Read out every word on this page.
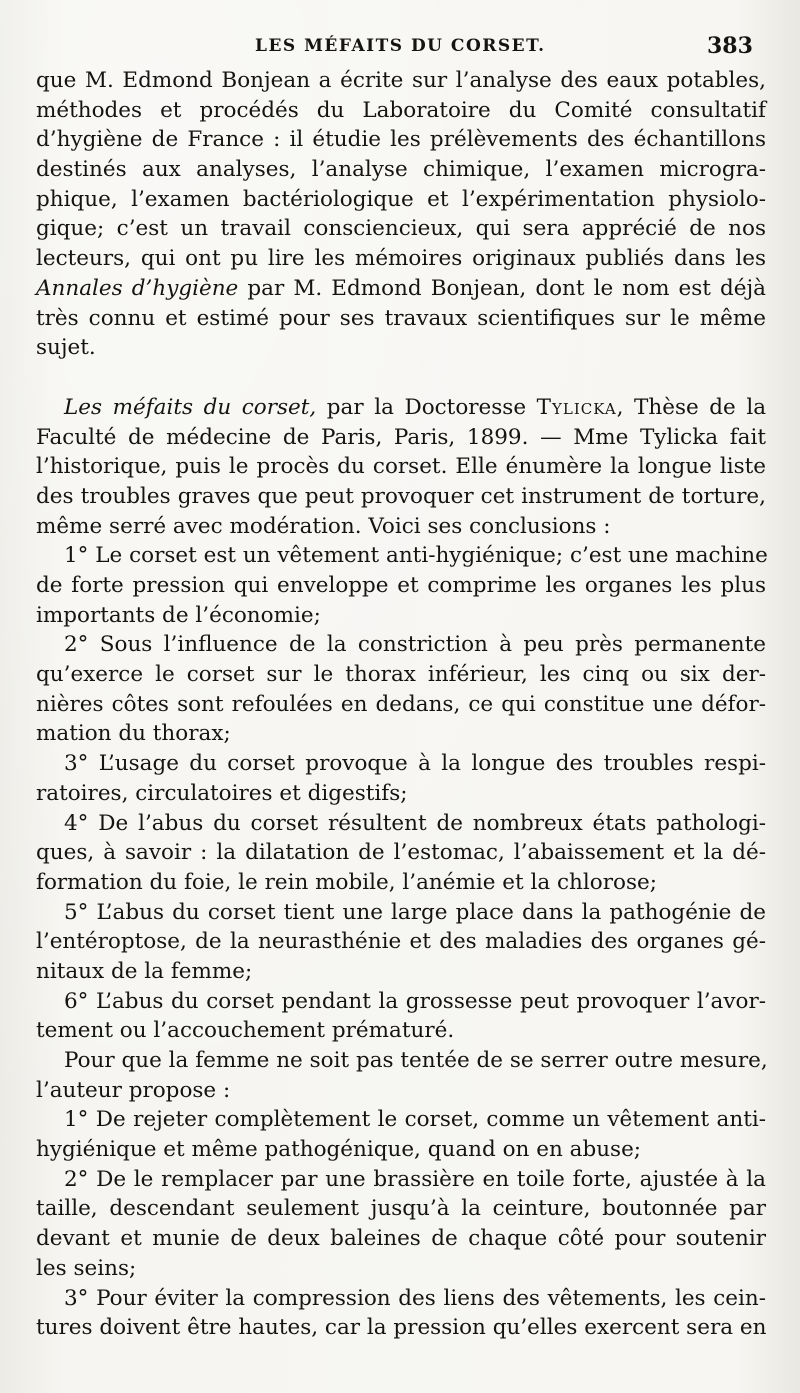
LES MÉFAITS DU CORSET.	383
que M. Edmond Bonjean a écrite sur l’analyse des eaux potables,
méthodes et procédés du Laboratoire du Comité consultatif
d’hygiène de France : il étudie les prélèvements des échantillons
destinés aux analyses, l’analyse chimique, l’examen microgra-
phique, l’examen bactériologique et l’expérimentation physiolo-
gique; c’est un travail consciencieux, qui sera apprécié de nos
lecteurs, qui ont pu lire les mémoires originaux publiés dans les
Annales d’hygiène par M. Edmond Bonjean, dont le nom est déjà
très connu et estimé pour ses travaux scientifiques sur le même
sujet.
Les méfaits du corset, par la Doctoresse Tylicka, Thèse de la
Faculté de médecine de Paris, Paris, 1899. — Mme Tylicka fait
l’historique, puis le procès du corset. Elle énumère la longue liste
des troubles graves que peut provoquer cet instrument de torture,
même serré avec modération. Voici ses conclusions :
1° Le corset est un vêtement anti-hygiénique; c’est une machine
de forte pression qui enveloppe et comprime les organes les plus
importants de l’économie;
2° Sous l’influence de la constriction à peu près permanente
qu’exerce le corset sur le thorax inférieur, les cinq ou six der-
nières côtes sont refoulées en dedans, ce qui constitue une défor-
mation du thorax;
3° L’usage du corset provoque à la longue des troubles respi-
ratoires, circulatoires et digestifs;
4° De l’abus du corset résultent de nombreux états pathologi-
ques, à savoir : la dilatation de l’estomac, l’abaissement et la dé-
formation du foie, le rein mobile, l’anémie et la chlorose;
5° L’abus du corset tient une large place dans la pathogénie de
l’entéroptose, de la neurasthénie et des maladies des organes gé-
nitaux de la femme;
6° L’abus du corset pendant la grossesse peut provoquer l’avor-
tement ou l’accouchement prématuré.
Pour que la femme ne soit pas tentée de se serrer outre mesure,
l’auteur propose :
1° De rejeter complètement le corset, comme un vêtement anti-
hygiénique et même pathogénique, quand on en abuse;
2° De le remplacer par une brassière en toile forte, ajustée à la
taille, descendant seulement jusqu’à la ceinture, boutonnée par
devant et munie de deux baleines de chaque côté pour soutenir
les seins;
3° Pour éviter la compression des liens des vêtements, les cein-
tures doivent être hautes, car la pression qu’elles exercent sera en
